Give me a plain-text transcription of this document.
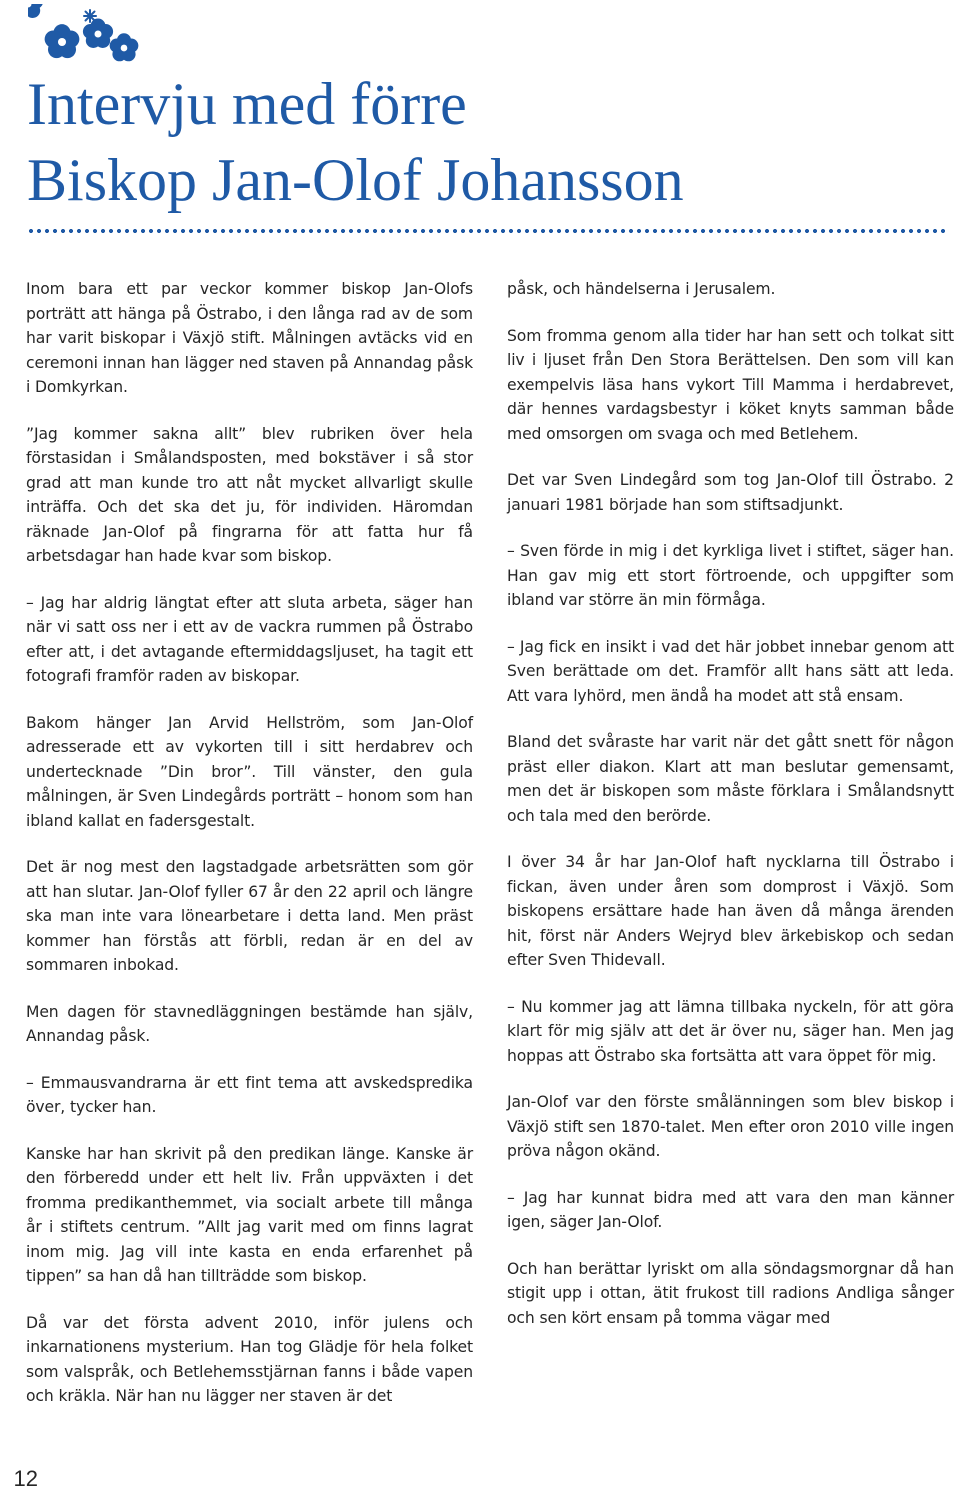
Intervju med förre
Biskop Jan-Olof Johansson

Inom bara ett par veckor kommer biskop Jan-Olofs porträtt att hänga på Östrabo, i den långa rad av de som har varit biskopar i Växjö stift. Målningen avtäcks vid en ceremoni innan han lägger ned staven på Annandag påsk i Domkyrkan.

”Jag kommer sakna allt” blev rubriken över hela förstasidan i Smålandsposten, med bokstäver i så stor grad att man kunde tro att nåt mycket allvarligt skulle inträffa. Och det ska det ju, för individen. Häromdan räknade Jan-Olof på fingrarna för att fatta hur få arbetsdagar han hade kvar som biskop.

– Jag har aldrig längtat efter att sluta arbeta, säger han när vi satt oss ner i ett av de vackra rummen på Östrabo efter att, i det avtagande eftermiddagsljuset, ha tagit ett fotografi framför raden av biskopar.

Bakom hänger Jan Arvid Hellström, som Jan-Olof adresserade ett av vykorten till i sitt herdabrev och undertecknade ”Din bror”. Till vänster, den gula målningen, är Sven Lindegårds porträtt – honom som han ibland kallat en fadersgestalt.

Det är nog mest den lagstadgade arbetsrätten som gör att han slutar. Jan-Olof fyller 67 år den 22 april och längre ska man inte vara lönearbetare i detta land. Men präst kommer han förstås att förbli, redan är en del av sommaren inbokad.

Men dagen för stavnedläggningen bestämde han själv, Annandag påsk.

– Emmausvandrarna är ett fint tema att avskedspredika över, tycker han.

Kanske har han skrivit på den predikan länge. Kanske är den förberedd under ett helt liv. Från uppväxten i det fromma predikanthemmet, via socialt arbete till många år i stiftets centrum. ”Allt jag varit med om finns lagrat inom mig. Jag vill inte kasta en enda erfarenhet på tippen” sa han då han tillträdde som biskop.

Då var det första advent 2010, inför julens och inkarnationens mysterium. Han tog Glädje för hela folket som valspråk, och Betlehemsstjärnan fanns i både vapen och kräkla. När han nu lägger ner staven är det

påsk, och händelserna i Jerusalem.

Som fromma genom alla tider har han sett och tolkat sitt liv i ljuset från Den Stora Berättelsen. Den som vill kan exempelvis läsa hans vykort Till Mamma i herdabrevet, där hennes vardagsbestyr i köket knyts samman både med omsorgen om svaga och med Betlehem.

Det var Sven Lindegård som tog Jan-Olof till Östrabo. 2 januari 1981 började han som stiftsadjunkt.

– Sven förde in mig i det kyrkliga livet i stiftet, säger han. Han gav mig ett stort förtroende, och uppgifter som ibland var större än min förmåga.

– Jag fick en insikt i vad det här jobbet innebar genom att Sven berättade om det. Framför allt hans sätt att leda. Att vara lyhörd, men ändå ha modet att stå ensam.

Bland det svåraste har varit när det gått snett för någon präst eller diakon. Klart att man beslutar gemensamt, men det är biskopen som måste förklara i Smålandsnytt och tala med den berörde.

I över 34 år har Jan-Olof haft nycklarna till Östrabo i fickan, även under åren som domprost i Växjö. Som biskopens ersättare hade han även då många ärenden hit, först när Anders Wejryd blev ärkebiskop och sedan efter Sven Thidevall.

– Nu kommer jag att lämna tillbaka nyckeln, för att göra klart för mig själv att det är över nu, säger han. Men jag hoppas att Östrabo ska fortsätta att vara öppet för mig.

Jan-Olof var den förste smålänningen som blev biskop i Växjö stift sen 1870-talet. Men efter oron 2010 ville ingen pröva någon okänd.

– Jag har kunnat bidra med att vara den man känner igen, säger Jan-Olof.

Och han berättar lyriskt om alla söndagsmorgnar då han stigit upp i ottan, ätit frukost till radions Andliga sånger och sen kört ensam på tomma vägar med

12
